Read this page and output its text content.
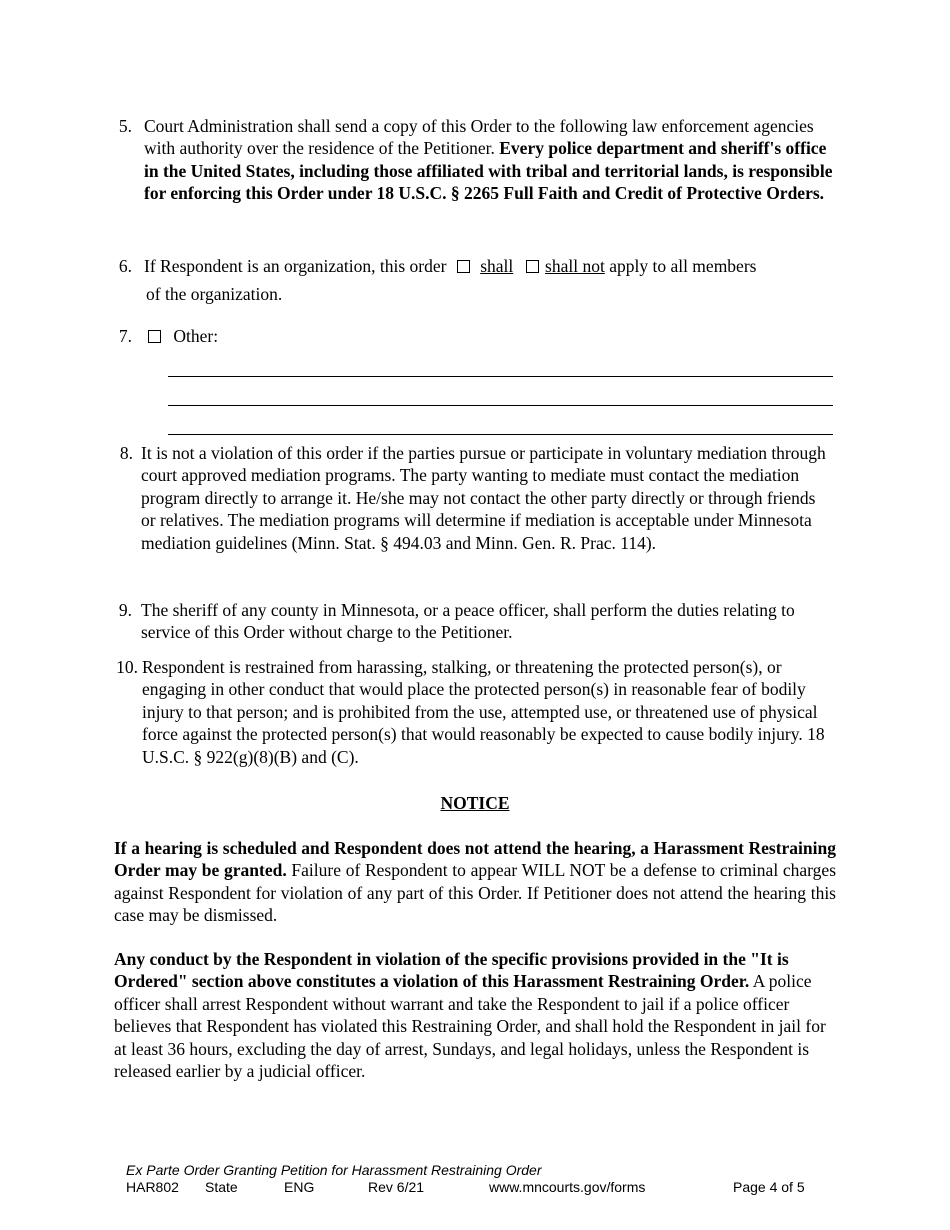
5. Court Administration shall send a copy of this Order to the following law enforcement agencies with authority over the residence of the Petitioner. Every police department and sheriff's office in the United States, including those affiliated with tribal and territorial lands, is responsible for enforcing this Order under 18 U.S.C. § 2265 Full Faith and Credit of Protective Orders.
6. If Respondent is an organization, this order shall shall not apply to all members
of the organization.
7.	Other:
8. It is not a violation of this order if the parties pursue or participate in voluntary mediation through court approved mediation programs. The party wanting to mediate must contact the mediation program directly to arrange it. He/she may not contact the other party directly or through friends or relatives. The mediation programs will determine if mediation is acceptable under Minnesota mediation guidelines (Minn. Stat. § 494.03 and Minn. Gen. R. Prac. 114).
9. The sheriff of any county in Minnesota, or a peace officer, shall perform the duties relating to service of this Order without charge to the Petitioner.
10. Respondent is restrained from harassing, stalking, or threatening the protected person(s), or engaging in other conduct that would place the protected person(s) in reasonable fear of bodily injury to that person; and is prohibited from the use, attempted use, or threatened use of physical force against the protected person(s) that would reasonably be expected to cause bodily injury. 18 U.S.C. § 922(g)(8)(B) and (C).
NOTICE
If a hearing is scheduled and Respondent does not attend the hearing, a Harassment Restraining Order may be granted. Failure of Respondent to appear WILL NOT be a defense to criminal charges against Respondent for violation of any part of this Order. If Petitioner does not attend the hearing this case may be dismissed.
Any conduct by the Respondent in violation of the specific provisions provided in the "It is Ordered" section above constitutes a violation of this Harassment Restraining Order. A police officer shall arrest Respondent without warrant and take the Respondent to jail if a police officer believes that Respondent has violated this Restraining Order, and shall hold the Respondent in jail for at least 36 hours, excluding the day of arrest, Sundays, and legal holidays, unless the Respondent is released earlier by a judicial officer.
Ex Parte Order Granting Petition for Harassment Restraining Order
HAR802 State	ENG	Rev 6/21	www.mncourts.gov/forms	Page 4 of 5
